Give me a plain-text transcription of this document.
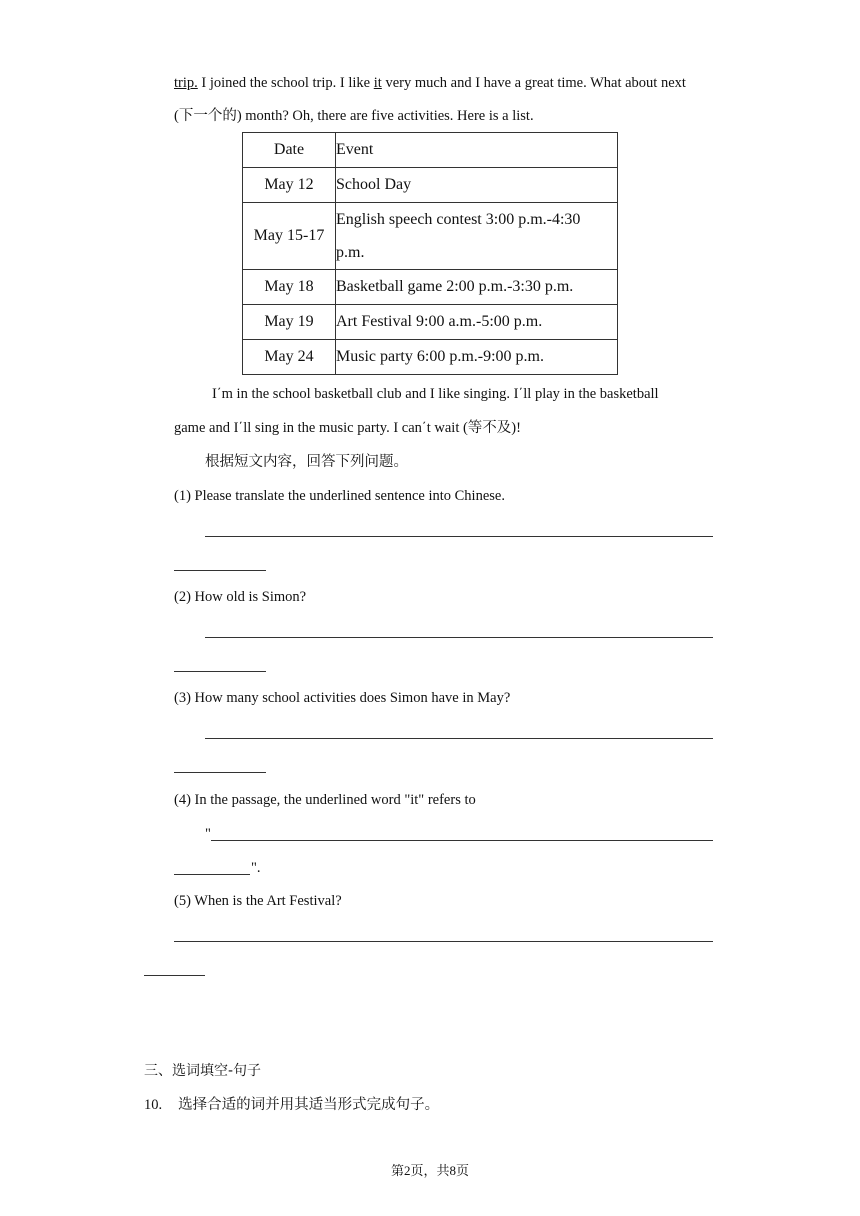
trip. I joined the school trip. I like it very much and I have a great time. What about next
(下一个的) month? Oh, there are five activities. Here is a list.
Date	Event
May 12	School Day
May 15-17	English speech contest 3:00 p.m.-4:30
p.m.

May 18	Basketball game 2:00 p.m.-3:30 p.m.
May 19	Art Festival 9:00 a.m.-5:00 p.m.
May 24	Music party 6:00 p.m.-9:00 p.m.
I΄m in the school basketball club and I like singing. I΄ll play in the basketball
game and I΄ll sing in the music party. I can΄t wait (等不及)!
根据短文内容，回答下列问题。
(1) Please translate the underlined sentence into Chinese.
(2) How old is Simon?
(3) How many school activities does Simon have in May?
(4) In the passage, the underlined word "it" refers to
"
".
(5) When is the Art Festival?
三、选词填空-句子
10. 选择合适的词并用其适当形式完成句子。
第2页，共8页
